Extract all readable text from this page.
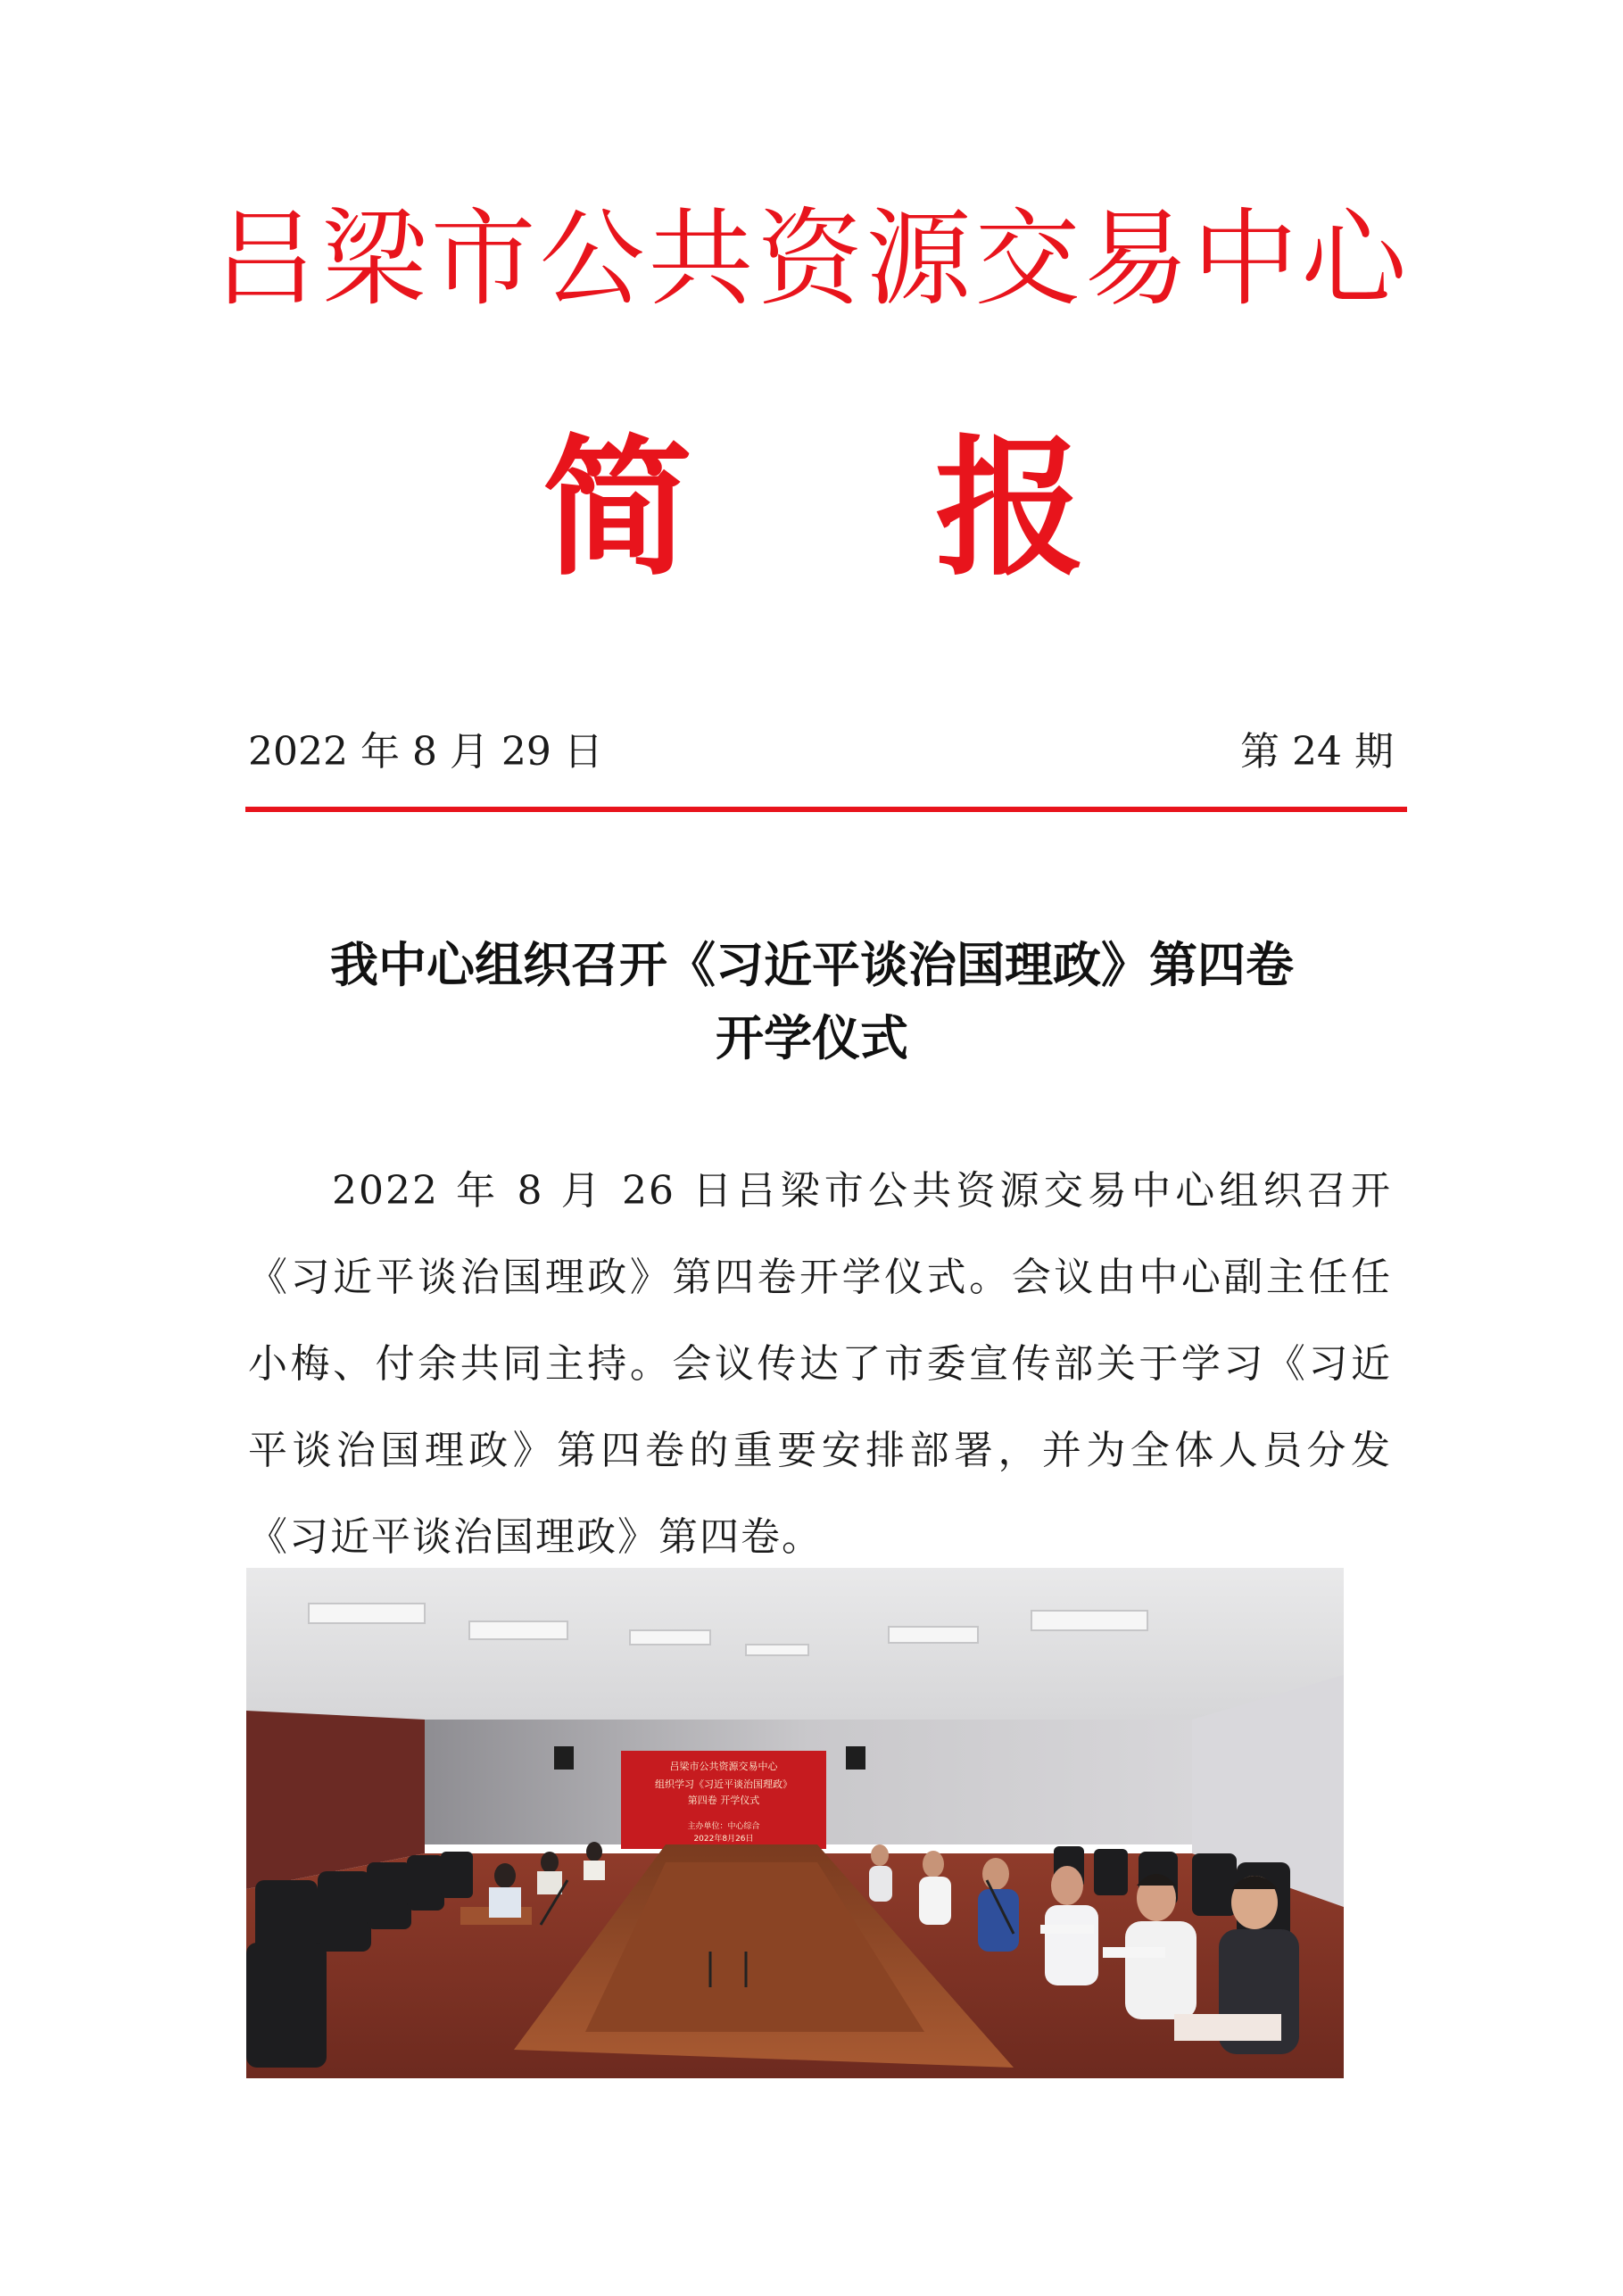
吕梁市公共资源交易中心
简 报
2022 年 8 月 29 日	第 24 期
我中心组织召开《习近平谈治国理政》第四卷
开学仪式
2022 年 8 月 26 日吕梁市公共资源交易中心组织召开《习近平谈治国理政》第四卷开学仪式。会议由中心副主任任小梅、付余共同主持。会议传达了市委宣传部关于学习《习近平谈治国理政》第四卷的重要安排部署，并为全体人员分发《习近平谈治国理政》第四卷。
吕梁市公共资源交易中心
组织学习《习近平谈治国理政》
第四卷 开学仪式
主办单位：中心综合
2022年8月26日
